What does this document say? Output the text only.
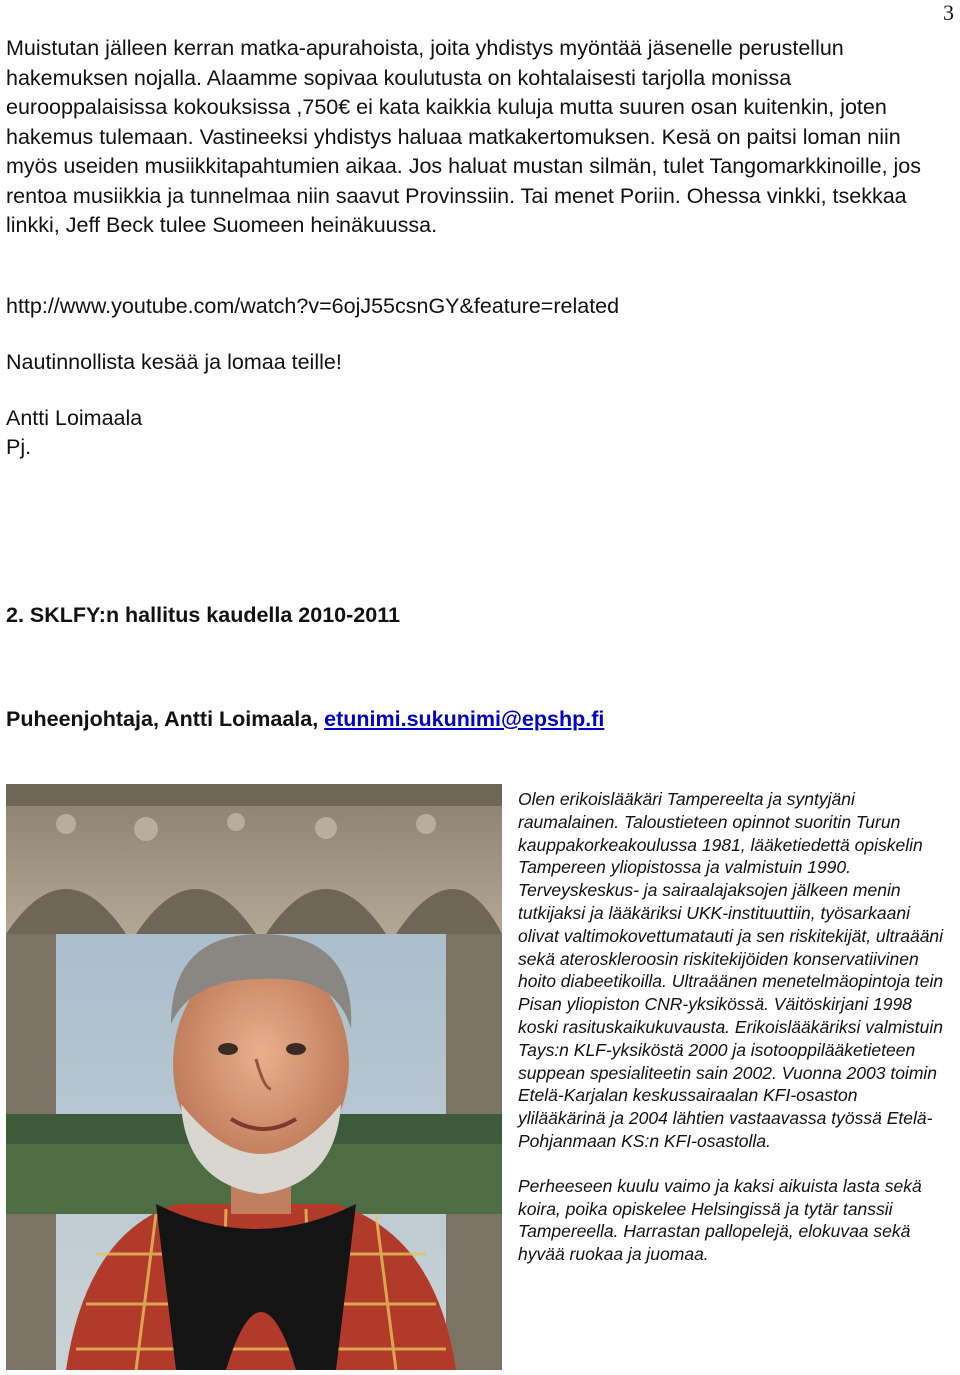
3

Muistutan jälleen kerran matka-apurahoista, joita yhdistys myöntää jäsenelle perustellun hakemuksen nojalla. Alaamme sopivaa koulutusta on kohtalaisesti tarjolla monissa eurooppalaisissa kokouksissa ,750€ ei kata kaikkia kuluja mutta suuren osan kuitenkin, joten hakemus tulemaan. Vastineeksi yhdistys haluaa matkakertomuksen. Kesä on paitsi loman niin myös useiden musiikkitapahtumien aikaa. Jos haluat mustan silmän, tulet Tangomarkkinoille, jos rentoa musiikkia ja tunnelmaa niin saavut Provinssiin. Tai menet Poriin. Ohessa vinkki, tsekkaa linkki, Jeff Beck tulee Suomeen heinäkuussa.

http://www.youtube.com/watch?v=6ojJ55csnGY&feature=related
Nautinnollista kesää ja lomaa teille!
Antti Loimaala
Pj.
2. SKLFY:n hallitus kaudella 2010-2011
Puheenjohtaja, Antti Loimaala, etunimi.sukunimi@epshp.fi

Olen erikoislääkäri Tampereelta ja syntyjäni raumalainen. Taloustieteen opinnot suoritin Turun kauppakorkeakoulussa 1981, lääketiedettä opiskelin Tampereen yliopistossa ja valmistuin 1990. Terveyskeskus- ja sairaalajaksojen jälkeen menin tutkijaksi ja lääkäriksi UKK-instituuttiin, työsarkaani olivat valtimokovettumatauti ja sen riskitekijät, ultraääni sekä ateroskleroosin riskitekijöiden konservatiivinen hoito diabeetikoilla. Ultraäänen menetelmäopintoja tein Pisan yliopiston CNR-yksikössä. Väitöskirjani 1998 koski rasituskaikukuvausta. Erikoislääkäriksi valmistuin Tays:n KLF-yksiköstä 2000 ja isotooppilääketieteen suppean spesialiteetin sain 2002. Vuonna 2003 toimin Etelä-Karjalan keskussairaalan KFI-osaston ylilääkärinä ja 2004 lähtien vastaavassa työssä Etelä-Pohjanmaan KS:n KFI-osastolla.

Perheeseen kuulu vaimo ja kaksi aikuista lasta sekä koira, poika opiskelee Helsingissä ja tytär tanssii Tampereella. Harrastan pallopelejä, elokuvaa sekä hyvää ruokaa ja juomaa.
